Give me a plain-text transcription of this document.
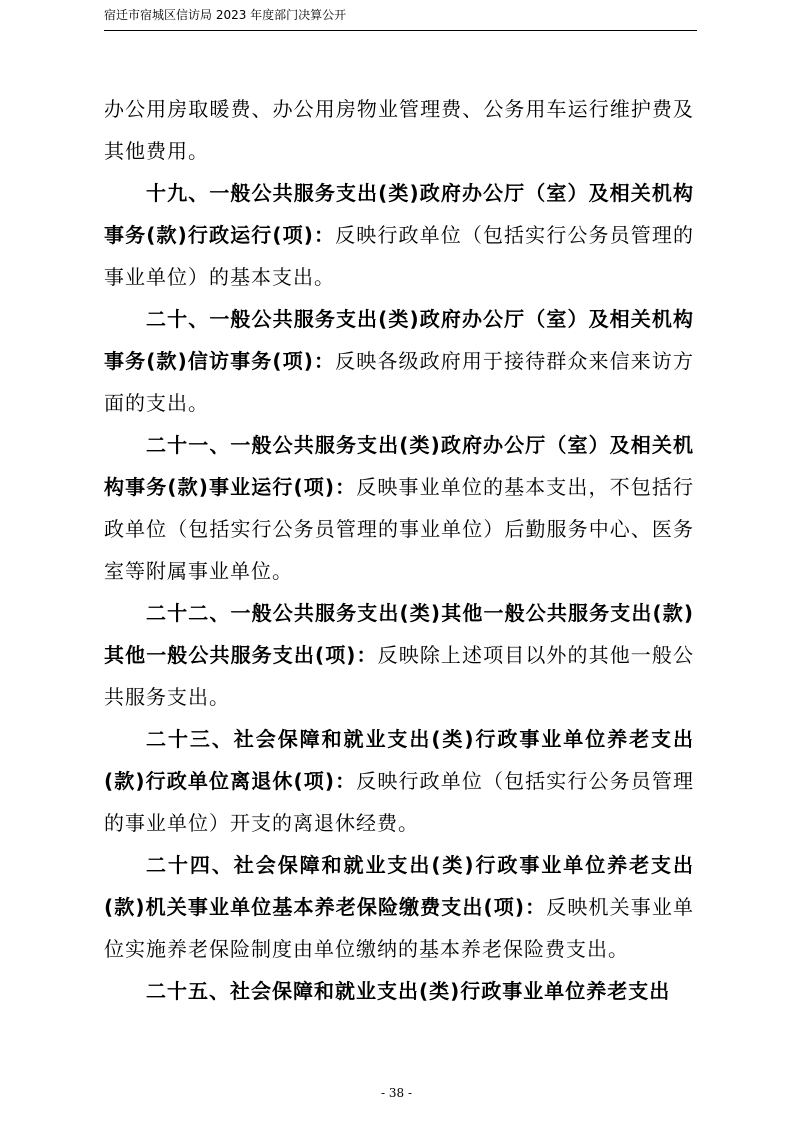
宿迁市宿城区信访局 2023 年度部门决算公开

办公用房取暖费、办公用房物业管理费、公务用车运行维护费及其他费用。

十九、一般公共服务支出(类)政府办公厅（室）及相关机构事务(款)行政运行(项)：反映行政单位（包括实行公务员管理的事业单位）的基本支出。

二十、一般公共服务支出(类)政府办公厅（室）及相关机构事务(款)信访事务(项)：反映各级政府用于接待群众来信来访方面的支出。

二十一、一般公共服务支出(类)政府办公厅（室）及相关机构事务(款)事业运行(项)：反映事业单位的基本支出，不包括行政单位（包括实行公务员管理的事业单位）后勤服务中心、医务室等附属事业单位。

二十二、一般公共服务支出(类)其他一般公共服务支出(款)其他一般公共服务支出(项)：反映除上述项目以外的其他一般公共服务支出。

二十三、社会保障和就业支出(类)行政事业单位养老支出(款)行政单位离退休(项)：反映行政单位（包括实行公务员管理的事业单位）开支的离退休经费。

二十四、社会保障和就业支出(类)行政事业单位养老支出(款)机关事业单位基本养老保险缴费支出(项)：反映机关事业单位实施养老保险制度由单位缴纳的基本养老保险费支出。

二十五、社会保障和就业支出(类)行政事业单位养老支出

- 38 -
